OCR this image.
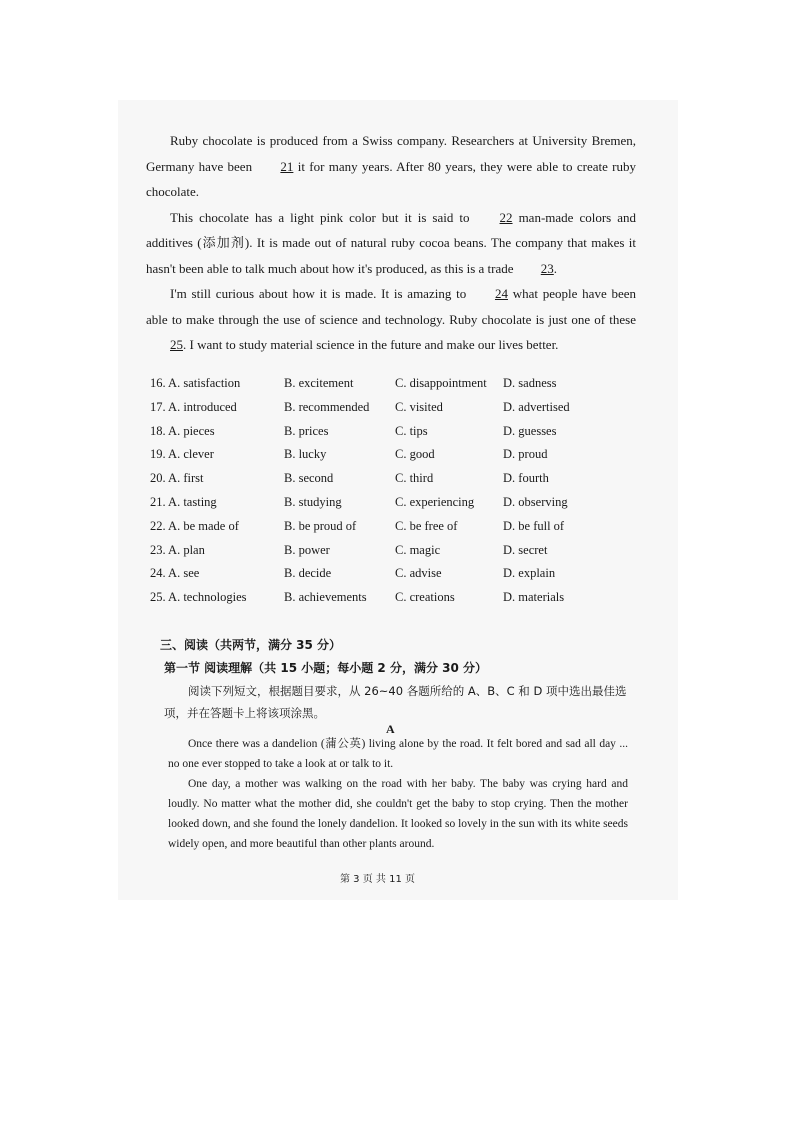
Ruby chocolate is produced from a Swiss company. Researchers at University Bremen, Germany have been 21 it for many years. After 80 years, they were able to create ruby chocolate.

This chocolate has a light pink color but it is said to 22 man-made colors and additives (添加剂). It is made out of natural ruby cocoa beans. The company that makes it hasn't been able to talk much about how it's produced, as this is a trade 23.

I'm still curious about how it is made. It is amazing to 24 what people have been able to make through the use of science and technology. Ruby chocolate is just one of these 25. I want to study material science in the future and make our lives better.

16. A. satisfaction	B. excitement	C. disappointment D. sadness
17. A. introduced	B. recommended C. visited	D. advertised
18. A. pieces	B. prices	C. tips	D. guesses
19. A. clever	B. lucky	C. good	D. proud
20. A. first	B. second	C. third	D. fourth
21. A. tasting	B. studying	C. experiencing D. observing
22. A. be made of	B. be proud of	C. be free of	D. be full of
23. A. plan	B. power	C. magic	D. secret
24. A. see	B. decide	C. advise	D. explain
25. A. technologies	B. achievements C. creations	D. materials
三、阅读（共两节，满分 35 分）
第一节 阅读理解（共 15 小题；每小题 2 分，满分 30 分）
阅读下列短文，根据题目要求，从 26~40 各题所给的 A、B、C 和 D 项中选出最佳选项，并在答题卡上将该项涂黑。
A

Once there was a dandelion (蒲公英) living alone by the road. It felt bored and sad all day ... no one ever stopped to take a look at or talk to it.

One day, a mother was walking on the road with her baby. The baby was crying hard and loudly. No matter what the mother did, she couldn't get the baby to stop crying. Then the mother looked down, and she found the lonely dandelion. It looked so lovely in the sun with its white seeds widely open, and more beautiful than other plants around.

第 3 页 共 11 页
